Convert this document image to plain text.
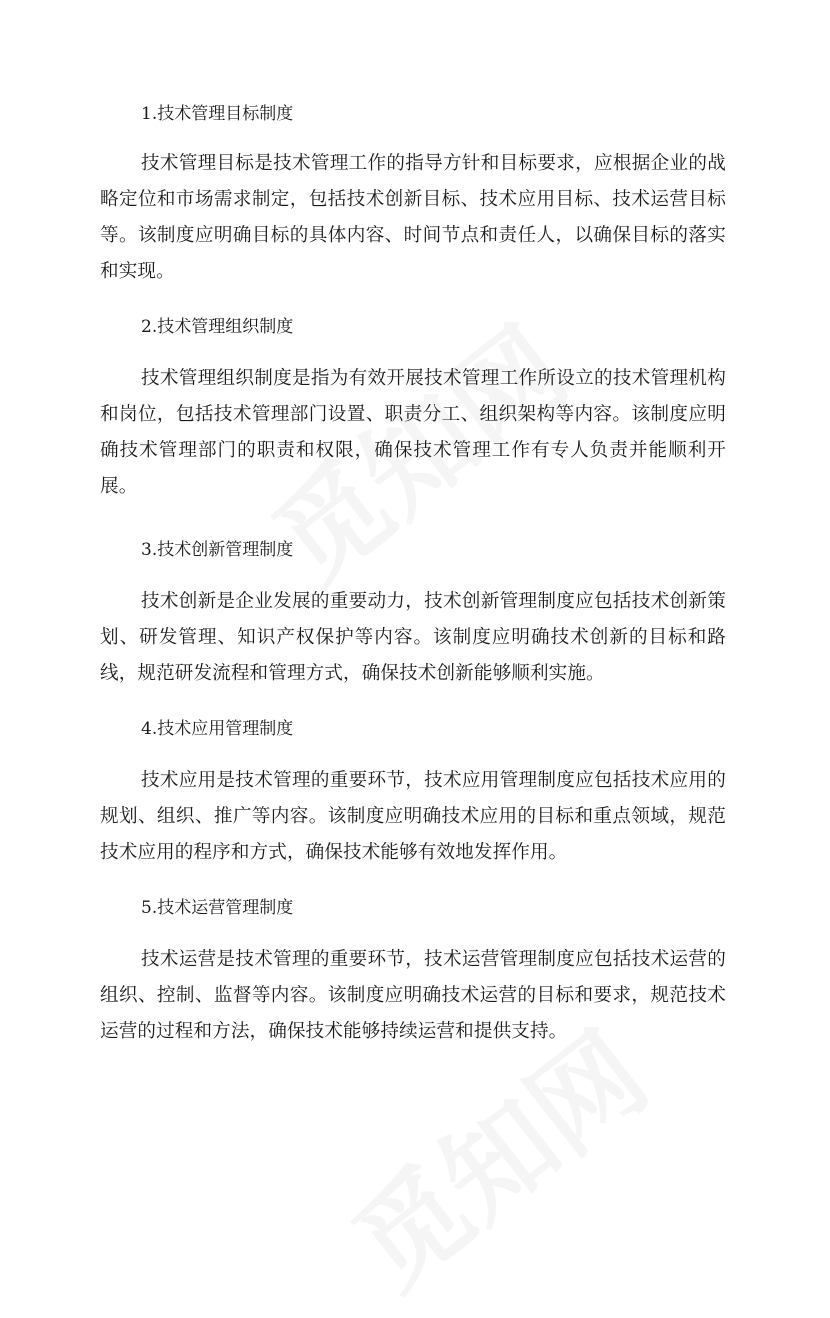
1.技术管理目标制度
技术管理目标是技术管理工作的指导方针和目标要求，应根据企业的战略定位和市场需求制定，包括技术创新目标、技术应用目标、技术运营目标等。该制度应明确目标的具体内容、时间节点和责任人，以确保目标的落实和实现。
2.技术管理组织制度
技术管理组织制度是指为有效开展技术管理工作所设立的技术管理机构和岗位，包括技术管理部门设置、职责分工、组织架构等内容。该制度应明确技术管理部门的职责和权限，确保技术管理工作有专人负责并能顺利开展。
3.技术创新管理制度
技术创新是企业发展的重要动力，技术创新管理制度应包括技术创新策划、研发管理、知识产权保护等内容。该制度应明确技术创新的目标和路线，规范研发流程和管理方式，确保技术创新能够顺利实施。
4.技术应用管理制度
技术应用是技术管理的重要环节，技术应用管理制度应包括技术应用的规划、组织、推广等内容。该制度应明确技术应用的目标和重点领域，规范技术应用的程序和方式，确保技术能够有效地发挥作用。
5.技术运营管理制度
技术运营是技术管理的重要环节，技术运营管理制度应包括技术运营的组织、控制、监督等内容。该制度应明确技术运营的目标和要求，规范技术运营的过程和方法，确保技术能够持续运营和提供支持。
